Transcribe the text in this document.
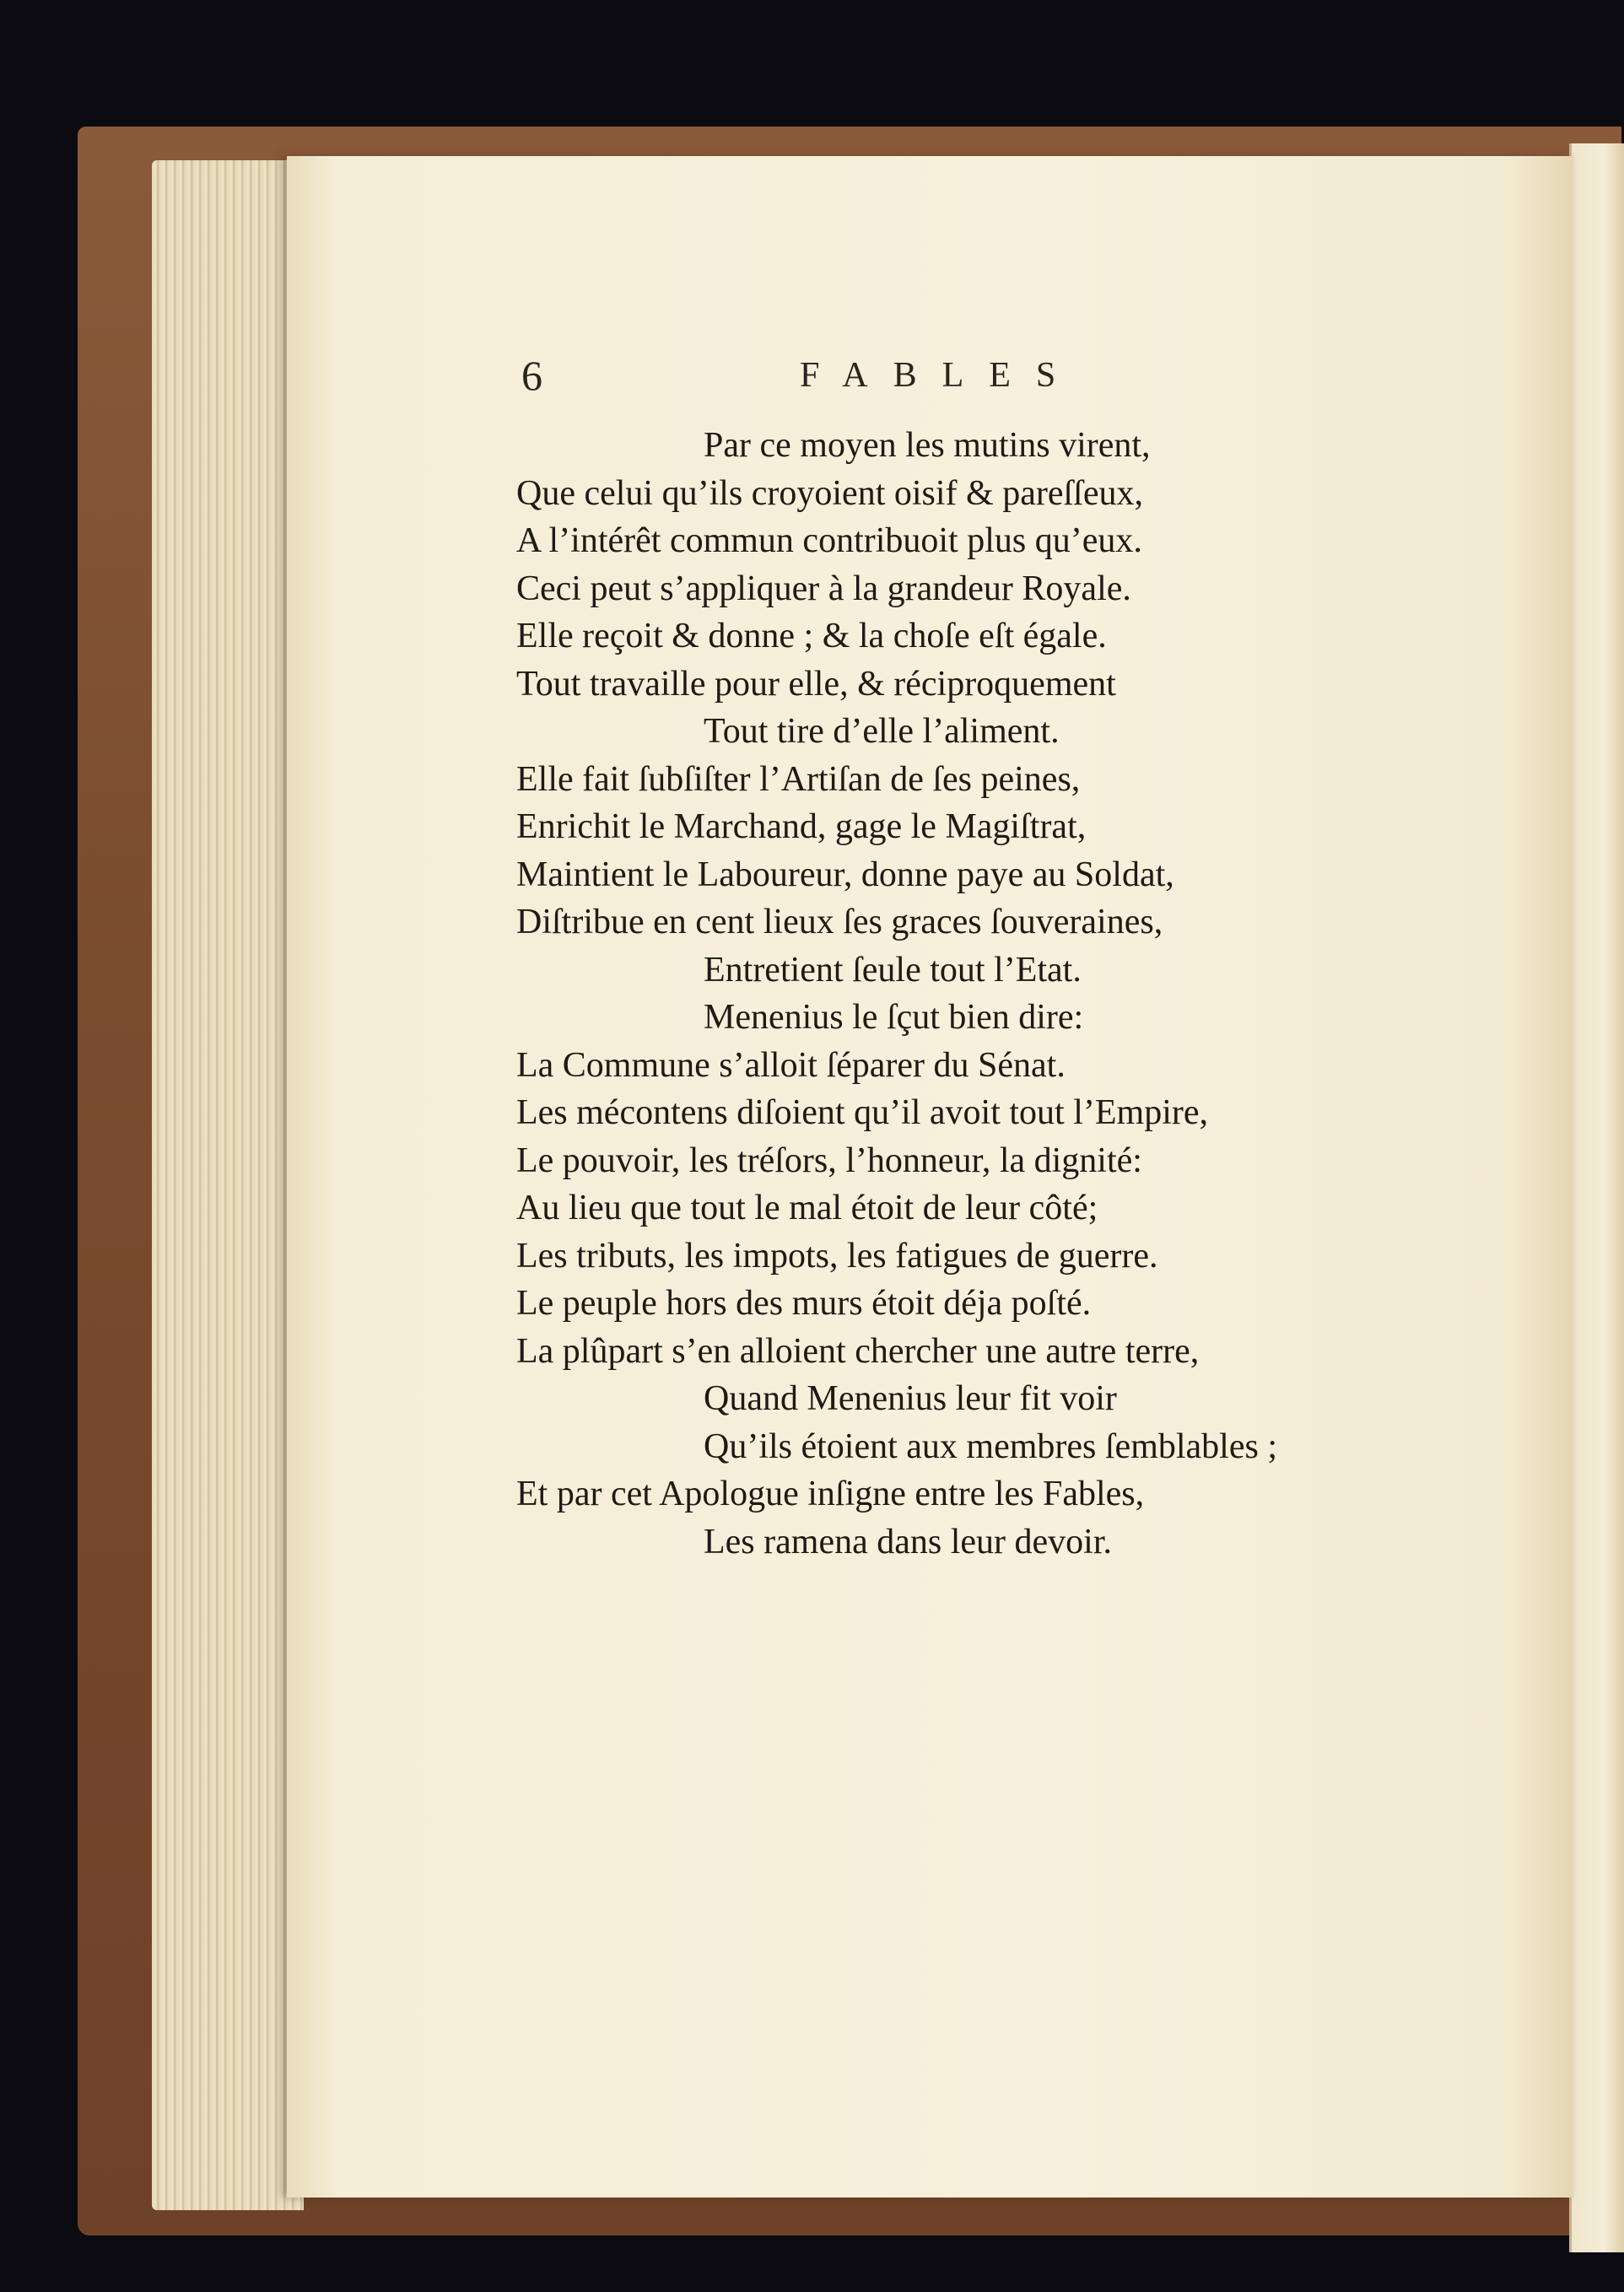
6	FABLES
Par ce moyen les mutins virent,
Que celui qu’ils croyoient oisif & pareſſeux,
A l’intérêt commun contribuoit plus qu’eux.
Ceci peut s’appliquer à la grandeur Royale.
Elle reçoit & donne ; & la choſe eſt égale.
Tout travaille pour elle, & réciproquement
Tout tire d’elle l’aliment.
Elle fait ſubſiſter l’Artiſan de ſes peines,
Enrichit le Marchand, gage le Magiſtrat,
Maintient le Laboureur, donne paye au Soldat,
Diſtribue en cent lieux ſes graces ſouveraines,
Entretient ſeule tout l’Etat.
Menenius le ſçut bien dire:
La Commune s’alloit ſéparer du Sénat.
Les mécontens diſoient qu’il avoit tout l’Empire,
Le pouvoir, les tréſors, l’honneur, la dignité:
Au lieu que tout le mal étoit de leur côté;
Les tributs, les impots, les fatigues de guerre.
Le peuple hors des murs étoit déja poſté.
La plûpart s’en alloient chercher une autre terre,
Quand Menenius leur fit voir
Qu’ils étoient aux membres ſemblables ;
Et par cet Apologue inſigne entre les Fables,
Les ramena dans leur devoir.
